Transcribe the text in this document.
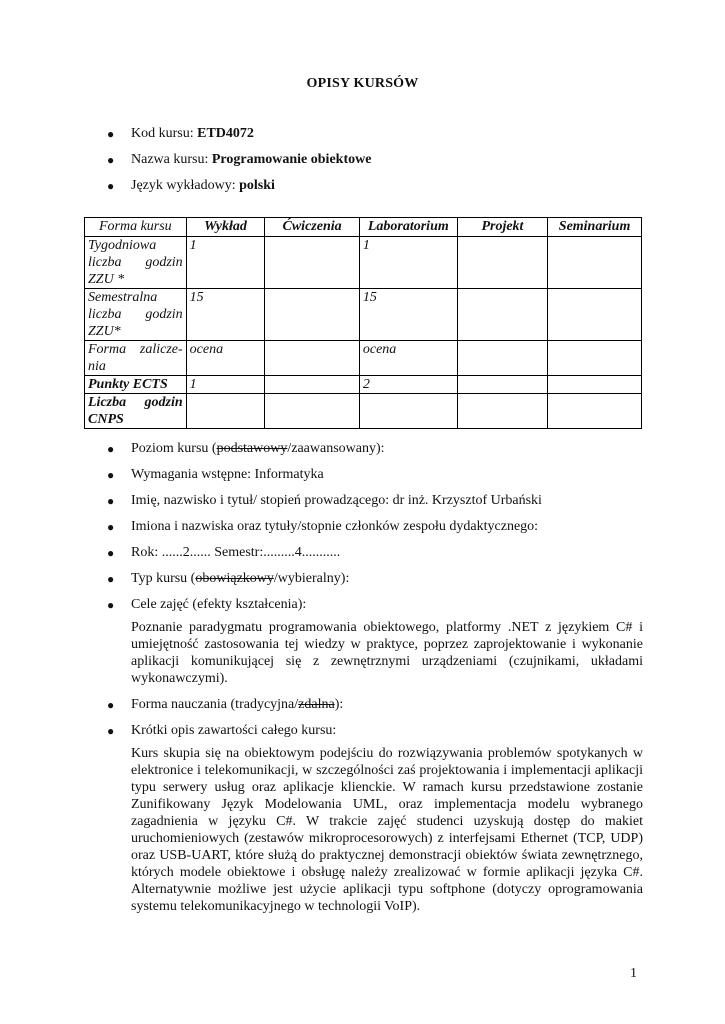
OPISY KURSÓW
● Kod kursu: ETD4072
● Nazwa kursu: Programowanie obiektowe
● Język wykładowy: polski
Forma kursu	Wykład	Ćwiczenia	Laboratorium	Projekt	Seminarium
Tygodniowa liczba godzin ZZU *	1		1		
Semestralna liczba godzin ZZU*	15		15		
Forma zalicze-nia	ocena		ocena		
Punkty ECTS	1		2		
Liczba godzin CNPS					
● Poziom kursu (podstawowy/zaawansowany):
● Wymagania wstępne: Informatyka
● Imię, nazwisko i tytuł/ stopień prowadzącego: dr inż. Krzysztof Urbański
● Imiona i nazwiska oraz tytuły/stopnie członków zespołu dydaktycznego:
● Rok: ......2...... Semestr:.........4...........
● Typ kursu (obowiązkowy/wybieralny):
● Cele zajęć (efekty kształcenia):
Poznanie paradygmatu programowania obiektowego, platformy .NET z językiem C# i umiejętność zastosowania tej wiedzy w praktyce, poprzez zaprojektowanie i wykonanie aplikacji komunikującej się z zewnętrznymi urządzeniami (czujnikami, układami wykonawczymi).
● Forma nauczania (tradycyjna/zdalna):
● Krótki opis zawartości całego kursu:
Kurs skupia się na obiektowym podejściu do rozwiązywania problemów spotykanych w elektronice i telekomunikacji, w szczególności zaś projektowania i implementacji aplikacji typu serwery usług oraz aplikacje klienckie. W ramach kursu przedstawione zostanie Zunifikowany Język Modelowania UML, oraz implementacja modelu wybranego zagadnienia w języku C#. W trakcie zajęć studenci uzyskują dostęp do makiet uruchomieniowych (zestawów mikroprocesorowych) z interfejsami Ethernet (TCP, UDP) oraz USB-UART, które służą do praktycznej demonstracji obiektów świata zewnętrznego, których modele obiektowe i obsługę należy zrealizować w formie aplikacji języka C#. Alternatywnie możliwe jest użycie aplikacji typu softphone (dotyczy oprogramowania systemu telekomunikacyjnego w technologii VoIP).
1
